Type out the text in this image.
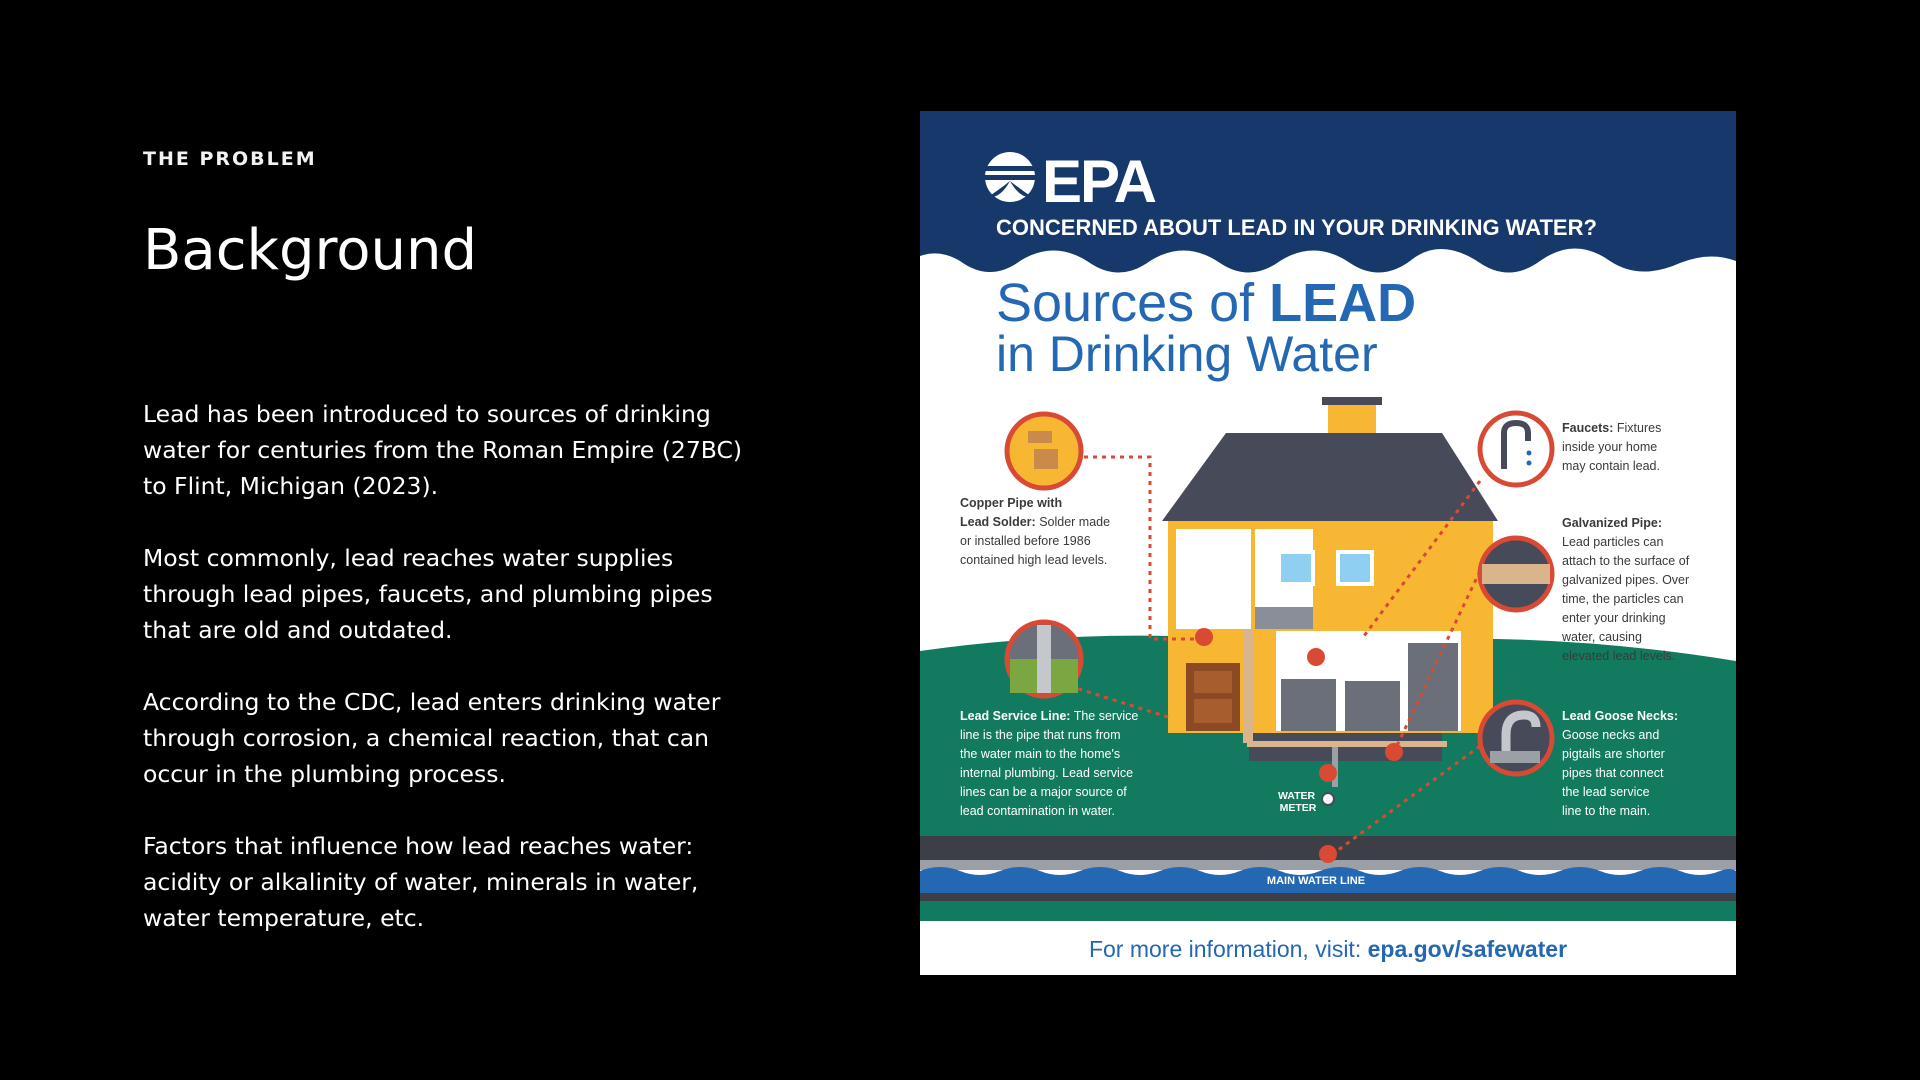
THE PROBLEM
Background

Lead has been introduced to sources of drinking water for centuries from the Roman Empire (27BC) to Flint, Michigan (2023).

Most commonly, lead reaches water supplies through lead pipes, faucets, and plumbing pipes that are old and outdated.

According to the CDC, lead enters drinking water through corrosion, a chemical reaction, that can occur in the plumbing process.

Factors that influence how lead reaches water: acidity or alkalinity of water, minerals in water, water temperature, etc.

EPA
CONCERNED ABOUT LEAD IN YOUR DRINKING WATER?
Sources of LEAD
in Drinking Water
MAIN WATER LINE
Copper Pipe with Lead Solder: Solder made or installed before 1986 contained high lead levels.
Faucets: Fixtures inside your home may contain lead.
Galvanized Pipe: Lead particles can attach to the surface of galvanized pipes. Over time, the particles can enter your drinking water, causing elevated lead levels.
Lead Service Line: The service line is the pipe that runs from the water main to the home's internal plumbing. Lead service lines can be a major source of lead contamination in water.
Lead Goose Necks: Goose necks and pigtails are shorter pipes that connect the lead service line to the main.
WATER METER
For more information, visit: epa.gov/safewater
